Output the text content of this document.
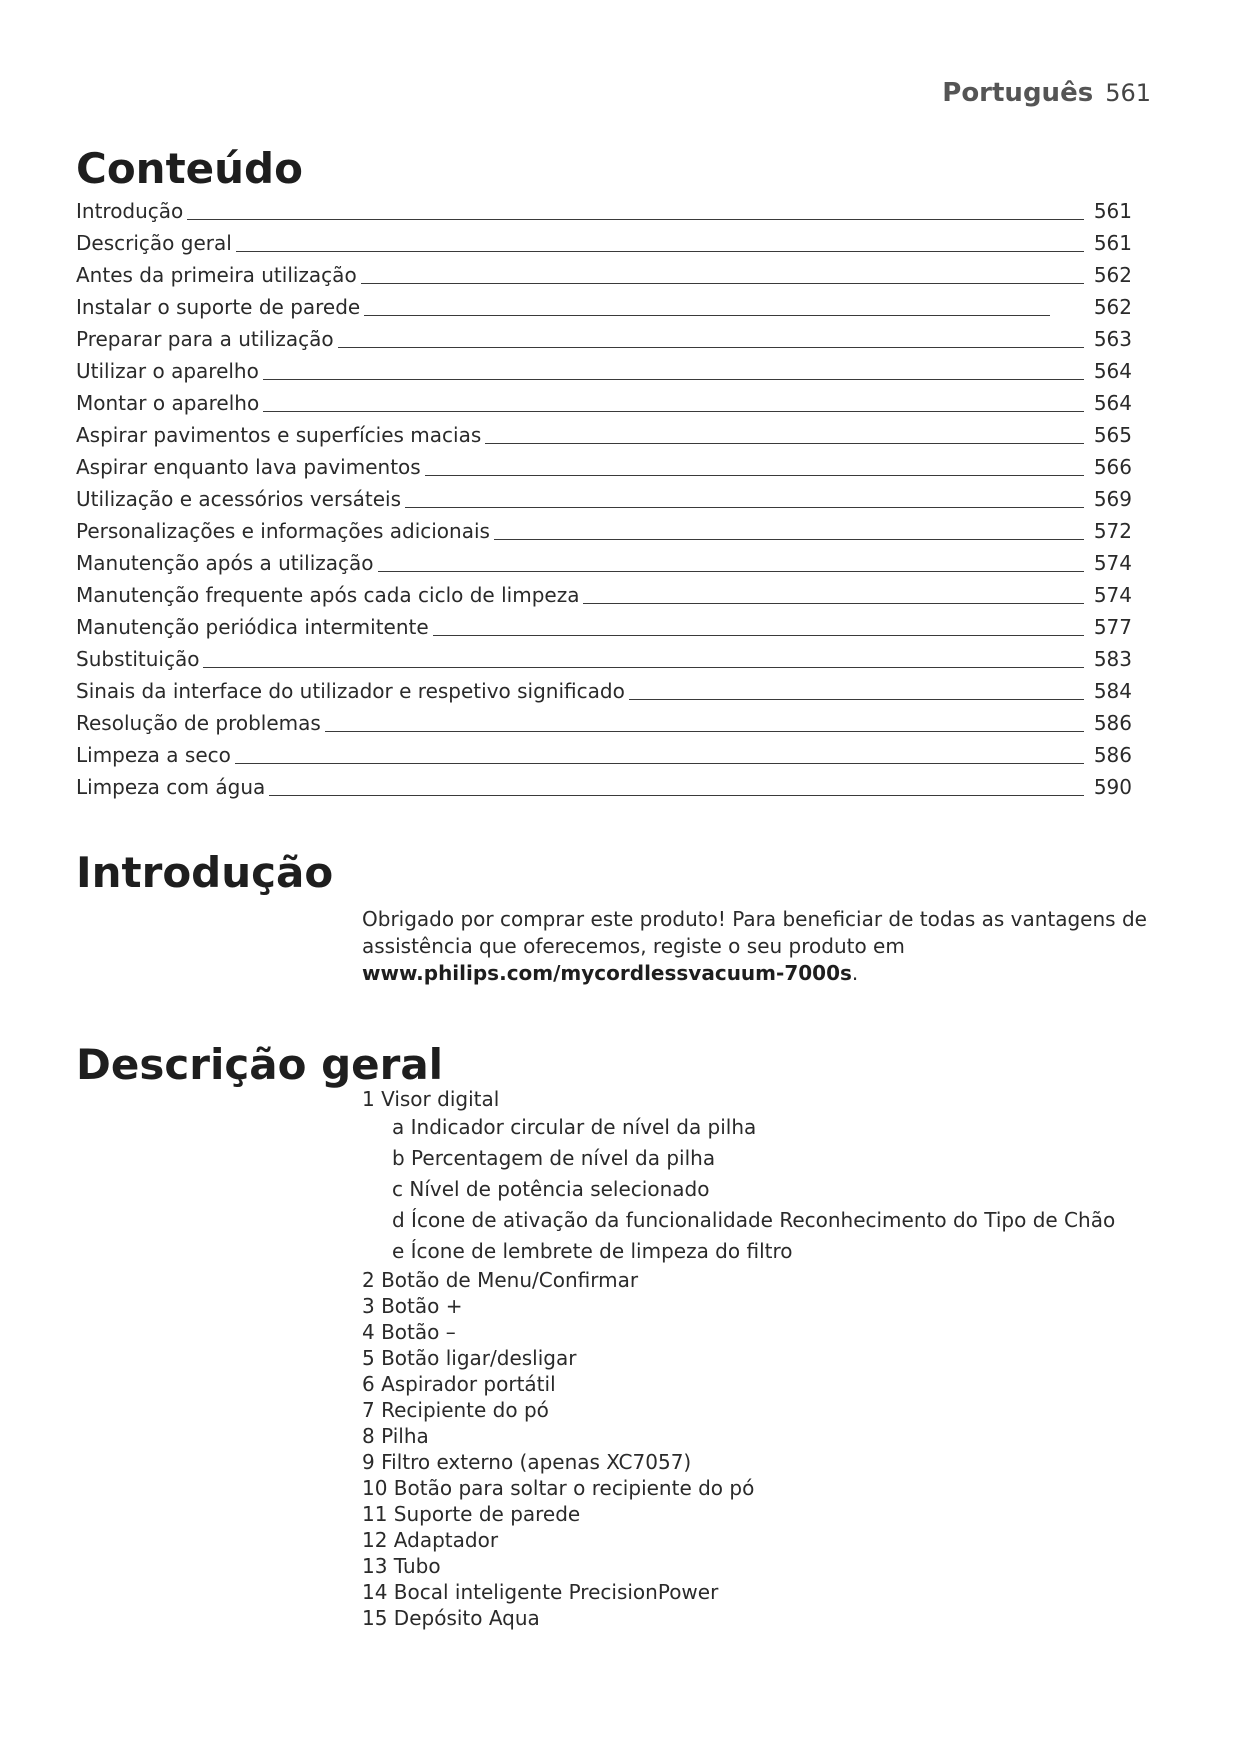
Português 561
Conteúdo
Introdução	561
Descrição geral	561
Antes da primeira utilização	562
Instalar o suporte de parede	562
Preparar para a utilização	563
Utilizar o aparelho	564
Montar o aparelho	564
Aspirar pavimentos e superfícies macias	565
Aspirar enquanto lava pavimentos	566
Utilização e acessórios versáteis	569
Personalizações e informações adicionais	572
Manutenção após a utilização	574
Manutenção frequente após cada ciclo de limpeza	574
Manutenção periódica intermitente	577
Substituição	583
Sinais da interface do utilizador e respetivo significado	584
Resolução de problemas	586
Limpeza a seco	586
Limpeza com água	590
Introdução

Obrigado por comprar este produto! Para beneficiar de todas as vantagens de
assistência que oferecemos, registe o seu produto em
www.philips.com/mycordlessvacuum-7000s.

Descrição geral
1 Visor digital
a Indicador circular de nível da pilha
b Percentagem de nível da pilha
c Nível de potência selecionado
d Ícone de ativação da funcionalidade Reconhecimento do Tipo de Chão
e Ícone de lembrete de limpeza do filtro
2 Botão de Menu/Confirmar
3 Botão +
4 Botão –
5 Botão ligar/desligar
6 Aspirador portátil
7 Recipiente do pó
8 Pilha
9 Filtro externo (apenas XC7057)
10 Botão para soltar o recipiente do pó
11 Suporte de parede
12 Adaptador
13 Tubo
14 Bocal inteligente PrecisionPower
15 Depósito Aqua
